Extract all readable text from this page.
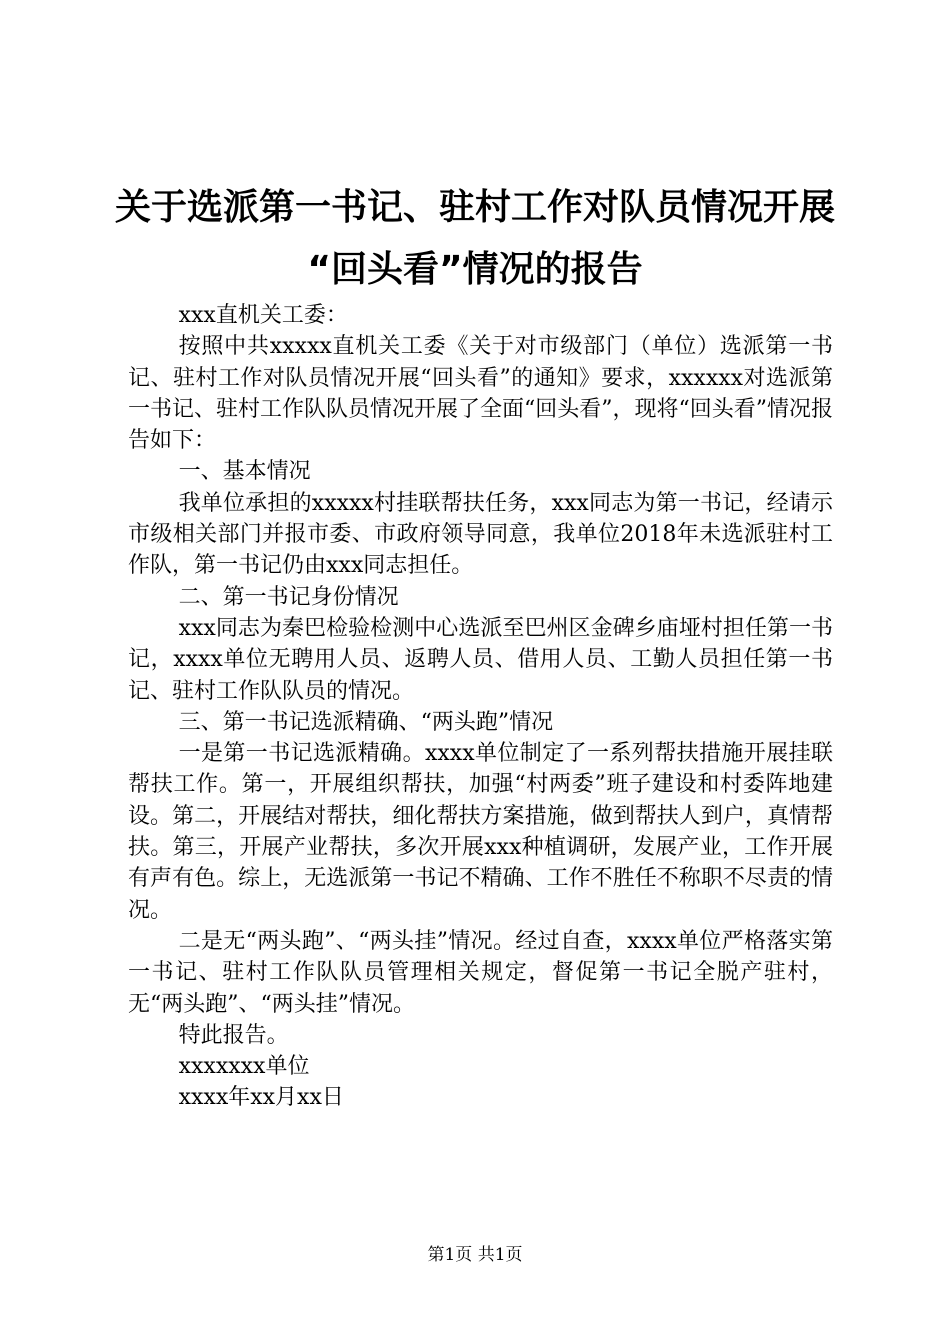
关于选派第一书记、驻村工作对队员情况开展
“回头看”情况的报告

xxx直机关工委：

按照中共xxxxx直机关工委《关于对市级部门（单位）选派第一书记、驻村工作对队员情况开展“回头看”的通知》要求，xxxxxx对选派第一书记、驻村工作队队员情况开展了全面“回头看”，现将“回头看”情况报告如下：

一、基本情况

我单位承担的xxxxx村挂联帮扶任务，xxx同志为第一书记，经请示市级相关部门并报市委、市政府领导同意，我单位2018年未选派驻村工作队，第一书记仍由xxx同志担任。

二、第一书记身份情况

xxx同志为秦巴检验检测中心选派至巴州区金碑乡庙垭村担任第一书记，xxxx单位无聘用人员、返聘人员、借用人员、工勤人员担任第一书记、驻村工作队队员的情况。

三、第一书记选派精确、“两头跑”情况

一是第一书记选派精确。xxxx单位制定了一系列帮扶措施开展挂联帮扶工作。第一，开展组织帮扶，加强“村两委”班子建设和村委阵地建设。第二，开展结对帮扶，细化帮扶方案措施，做到帮扶人到户，真情帮扶。第三，开展产业帮扶，多次开展xxx种植调研，发展产业，工作开展有声有色。综上，无选派第一书记不精确、工作不胜任不称职不尽责的情况。

二是无“两头跑”、“两头挂”情况。经过自查，xxxx单位严格落实第一书记、驻村工作队队员管理相关规定，督促第一书记全脱产驻村，无“两头跑”、“两头挂”情况。

特此报告。

xxxxxxx单位

xxxx年xx月xx日

第1页 共1页
